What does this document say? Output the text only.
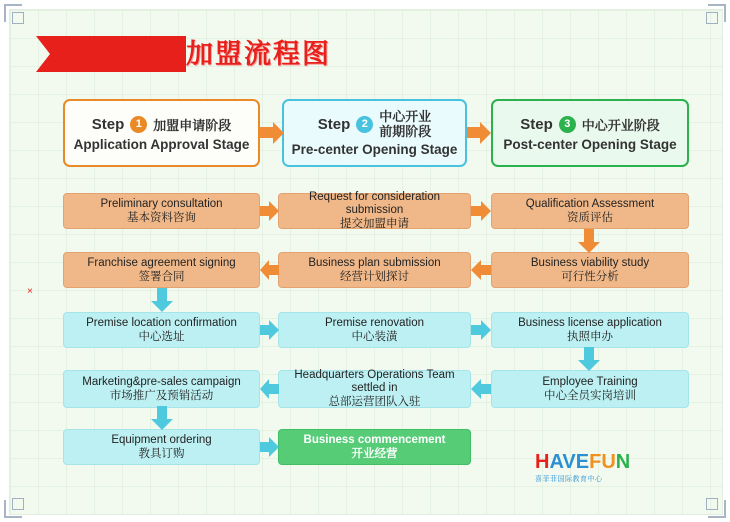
加盟流程图
Step	1 加盟申请阶段
Application Approval Stage
Step	2 中心开业
前期阶段
Pre-center Opening Stage
Step	3 中心开业阶段
Post-center Opening Stage
Preliminary consultation
基本资料咨询
Request for consideration submission
提交加盟申请
Qualification Assessment
资质评估
Franchise agreement signing
签署合同
Business plan submission
经营计划探讨
Business viability study
可行性分析
Premise location confirmation
中心选址
Premise renovation
中心装潢
Business license application
执照申办
Marketing&pre-sales campaign
市场推广及预销活动
Headquarters Operations Team settled in
总部运营团队入驻
Employee Training
中心全员实岗培训
Equipment ordering
教具订购
Business commencement
开业经营
×
HAVEFUN
喜菲菲国际教育中心
